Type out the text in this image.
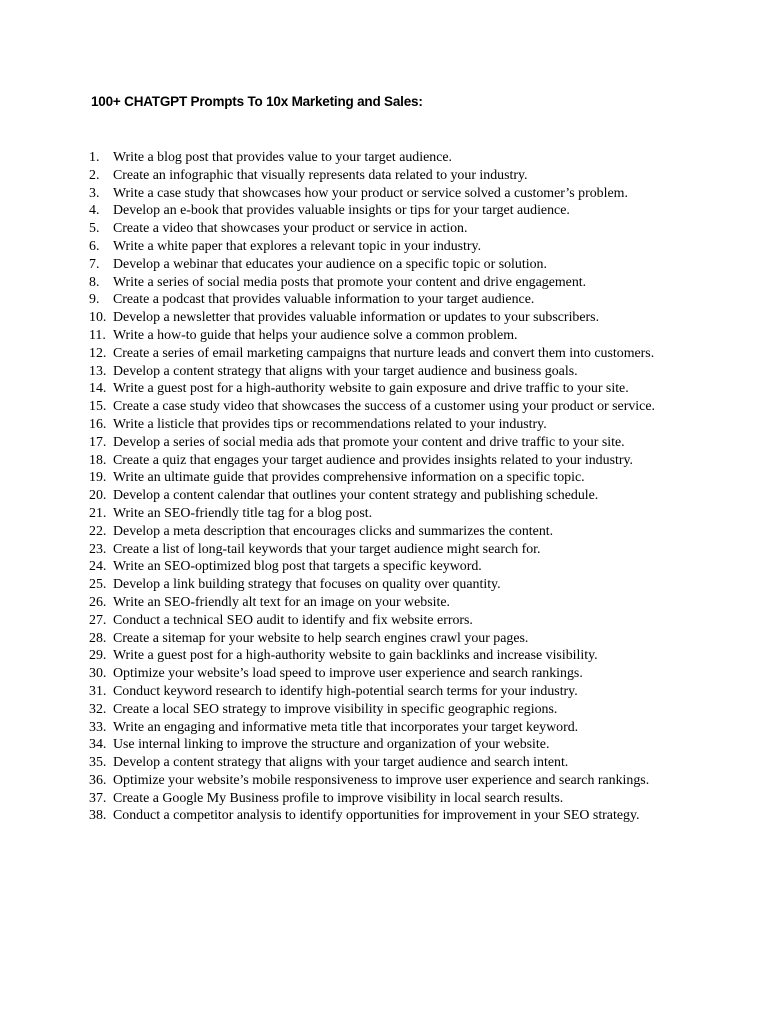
100+ CHATGPT Prompts To 10x Marketing and Sales:
1. Write a blog post that provides value to your target audience.
2. Create an infographic that visually represents data related to your industry.
3. Write a case study that showcases how your product or service solved a customer’s problem.
4. Develop an e-book that provides valuable insights or tips for your target audience.
5. Create a video that showcases your product or service in action.
6. Write a white paper that explores a relevant topic in your industry.
7. Develop a webinar that educates your audience on a specific topic or solution.
8. Write a series of social media posts that promote your content and drive engagement.
9. Create a podcast that provides valuable information to your target audience.
10. Develop a newsletter that provides valuable information or updates to your subscribers.
11. Write a how-to guide that helps your audience solve a common problem.
12. Create a series of email marketing campaigns that nurture leads and convert them into customers.
13. Develop a content strategy that aligns with your target audience and business goals.
14. Write a guest post for a high-authority website to gain exposure and drive traffic to your site.
15. Create a case study video that showcases the success of a customer using your product or service.
16. Write a listicle that provides tips or recommendations related to your industry.
17. Develop a series of social media ads that promote your content and drive traffic to your site.
18. Create a quiz that engages your target audience and provides insights related to your industry.
19. Write an ultimate guide that provides comprehensive information on a specific topic.
20. Develop a content calendar that outlines your content strategy and publishing schedule.
21. Write an SEO-friendly title tag for a blog post.
22. Develop a meta description that encourages clicks and summarizes the content.
23. Create a list of long-tail keywords that your target audience might search for.
24. Write an SEO-optimized blog post that targets a specific keyword.
25. Develop a link building strategy that focuses on quality over quantity.
26. Write an SEO-friendly alt text for an image on your website.
27. Conduct a technical SEO audit to identify and fix website errors.
28. Create a sitemap for your website to help search engines crawl your pages.
29. Write a guest post for a high-authority website to gain backlinks and increase visibility.
30. Optimize your website’s load speed to improve user experience and search rankings.
31. Conduct keyword research to identify high-potential search terms for your industry.
32. Create a local SEO strategy to improve visibility in specific geographic regions.
33. Write an engaging and informative meta title that incorporates your target keyword.
34. Use internal linking to improve the structure and organization of your website.
35. Develop a content strategy that aligns with your target audience and search intent.
36. Optimize your website’s mobile responsiveness to improve user experience and search rankings.
37. Create a Google My Business profile to improve visibility in local search results.
38. Conduct a competitor analysis to identify opportunities for improvement in your SEO strategy.
